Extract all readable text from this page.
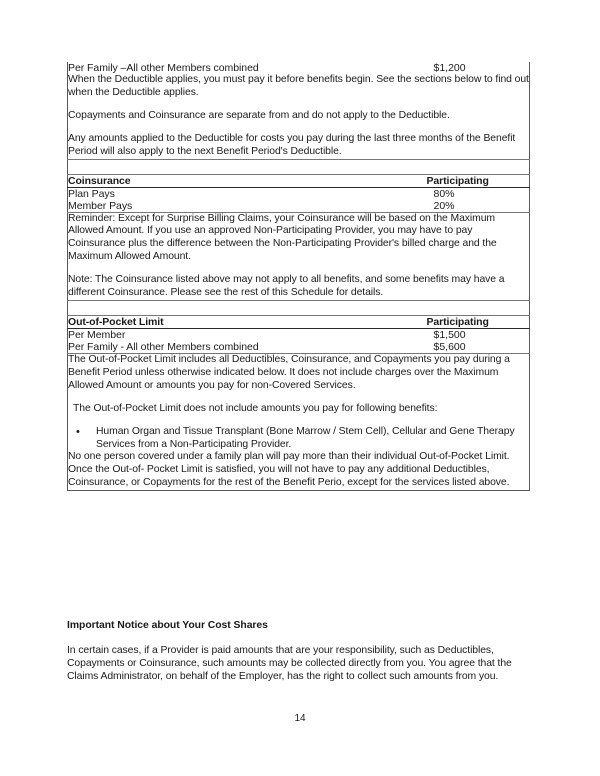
Per Family –All other Members combined	$1,200

When the Deductible applies, you must pay it before benefits begin. See the sections below to find out when the Deductible applies.

Copayments and Coinsurance are separate from and do not apply to the Deductible.

Any amounts applied to the Deductible for costs you pay during the last three months of the Benefit Period will also apply to the next Benefit Period's Deductible.	

Coinsurance	Participating

Plan Pays	80%

Member Pays	20%

Reminder: Except for Surprise Billing Claims, your Coinsurance will be based on the Maximum Allowed Amount. If you use an approved Non-Participating Provider, you may have to pay Coinsurance plus the difference between the Non-Participating Provider's billed charge and the Maximum Allowed Amount.

Note: The Coinsurance listed above may not apply to all benefits, and some benefits may have a different Coinsurance. Please see the rest of this Schedule for details.	

Out-of-Pocket Limit	Participating

Per Member	$1,500

Per Family - All other Members combined	$5,600

The Out-of-Pocket Limit includes all Deductibles, Coinsurance, and Copayments you pay during a Benefit Period unless otherwise indicated below. It does not include charges over the Maximum Allowed Amount or amounts you pay for non-Covered Services.

The Out-of-Pocket Limit does not include amounts you pay for following benefits:

• Human Organ and Tissue Transplant (Bone Marrow / Stem Cell), Cellular and Gene Therapy Services from a Non-Participating Provider.

No one person covered under a family plan will pay more than their individual Out-of-Pocket Limit. Once the Out-of- Pocket Limit is satisfied, you will not have to pay any additional Deductibles, Coinsurance, or Copayments for the rest of the Benefit Perio, except for the services listed above.	

Important Notice about Your Cost Shares

In certain cases, if a Provider is paid amounts that are your responsibility, such as Deductibles, Copayments or Coinsurance, such amounts may be collected directly from you. You agree that the Claims Administrator, on behalf of the Employer, has the right to collect such amounts from you.

14
